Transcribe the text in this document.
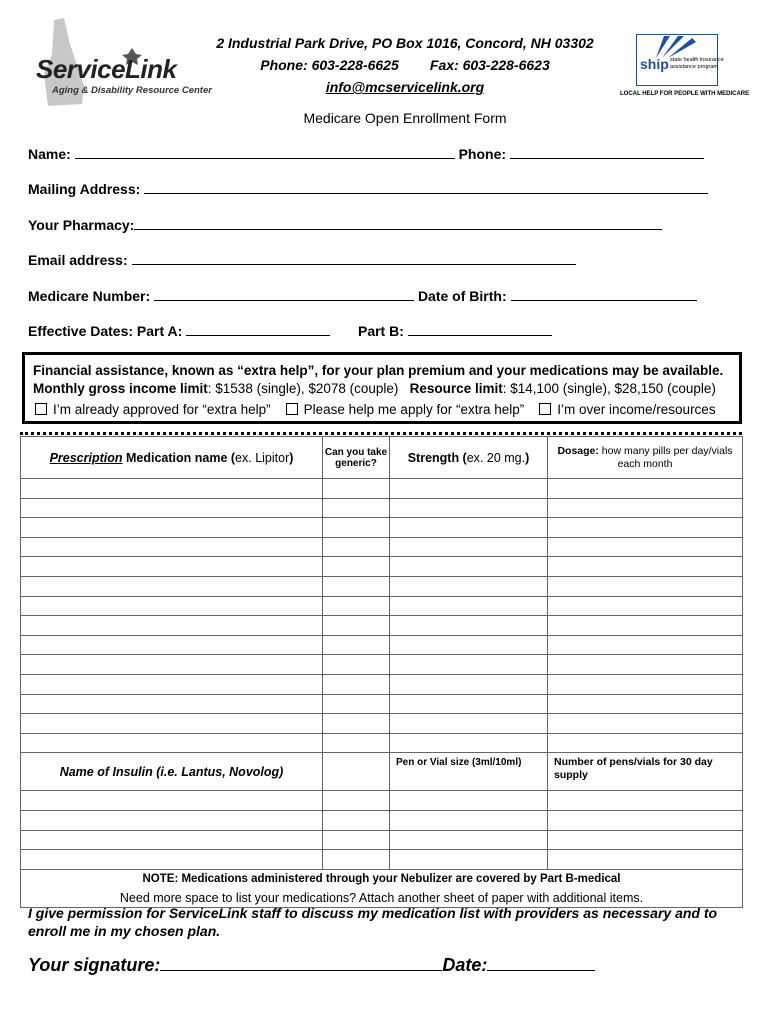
ServiceLink
Aging & Disability Resource Center
2 Industrial Park Drive, PO Box 1016, Concord, NH 03302
Phone: 603-228-6625 Fax: 603-228-6623
info@mcservicelink.org
ship state health insurance
assistance program
LOCAL HELP FOR PEOPLE WITH MEDICARE
Medicare Open Enrollment Form
Name:	Phone:
Mailing Address:
Your Pharmacy:
Email address:
Medicare Number:	Date of Birth:
Effective Dates: Part A:	Part B:
Financial assistance, known as “extra help”, for your plan premium and your medications may be available.
Monthly gross income limit: $1538 (single), $2078 (couple) Resource limit: $14,100 (single), $28,150 (couple)
I’m already approved for “extra help” Please help me apply for “extra help” I’m over income/resources
Prescription Medication name (ex. Lipitor)	Can you take generic?	Strength (ex. 20 mg.)	Dosage: how many pills per day/vials each month

Name of Insulin (i.e. Lantus, Novolog)		Pen or Vial size (3ml/10ml)	Number of pens/vials for 30 day supply

NOTE: Medications administered through your Nebulizer are covered by Part B-medical			
Need more space to list your medications? Attach another sheet of paper with additional items.			
I give permission for ServiceLink staff to discuss my medication list with providers as necessary and to enroll me in my chosen plan.
Your signature:	Date:
